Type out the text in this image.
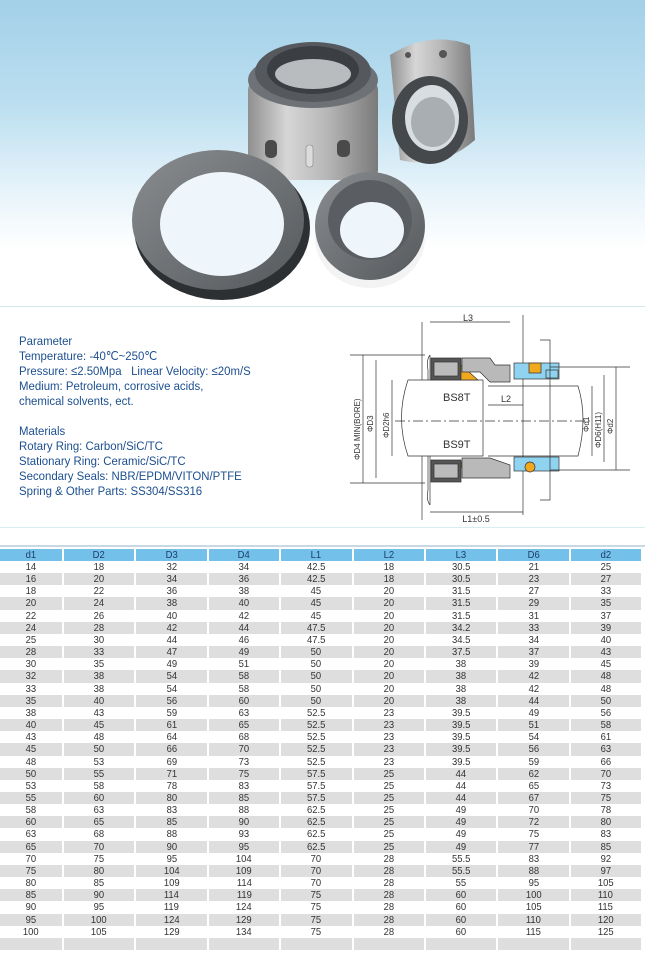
Parameter
Temperature: -40℃~250℃
Pressure: ≤2.50Mpa   Linear Velocity: ≤20m/S
Medium: Petroleum, corrosive acids,
chemical solvents, ect.
Materials
Rotary Ring: Carbon/SiC/TC
Stationary Ring: Ceramic/SiC/TC
Secondary Seals: NBR/EPDM/VITON/PTFE
Spring & Other Parts: SS304/SS316
L3
L2
L1±0.5
BS8T
BS9T
ΦD4 MIN(BORE) ΦD3 ΦD2h6	Φd1 ΦD6(H11) Φd2
d1	D2	D3	D4	L1	L2	L3	D6	d2
14	18	32	34	42.5	18	30.5	21	25
16	20	34	36	42.5	18	30.5	23	27
18	22	36	38	45	20	31.5	27	33
20	24	38	40	45	20	31.5	29	35
22	26	40	42	45	20	31.5	31	37
24	28	42	44	47.5	20	34.2	33	39
25	30	44	46	47.5	20	34.5	34	40
28	33	47	49	50	20	37.5	37	43
30	35	49	51	50	20	38	39	45
32	38	54	58	50	20	38	42	48
33	38	54	58	50	20	38	42	48
35	40	56	60	50	20	38	44	50
38	43	59	63	52.5	23	39.5	49	56
40	45	61	65	52.5	23	39.5	51	58
43	48	64	68	52.5	23	39.5	54	61
45	50	66	70	52.5	23	39.5	56	63
48	53	69	73	52.5	23	39.5	59	66
50	55	71	75	57.5	25	44	62	70
53	58	78	83	57.5	25	44	65	73
55	60	80	85	57.5	25	44	67	75
58	63	83	88	62.5	25	49	70	78
60	65	85	90	62.5	25	49	72	80
63	68	88	93	62.5	25	49	75	83
65	70	90	95	62.5	25	49	77	85
70	75	95	104	70	28	55.5	83	92
75	80	104	109	70	28	55.5	88	97
80	85	109	114	70	28	55	95	105
85	90	114	119	75	28	60	100	110
90	95	119	124	75	28	60	105	115
95	100	124	129	75	28	60	110	120
100	105	129	134	75	28	60	115	125
